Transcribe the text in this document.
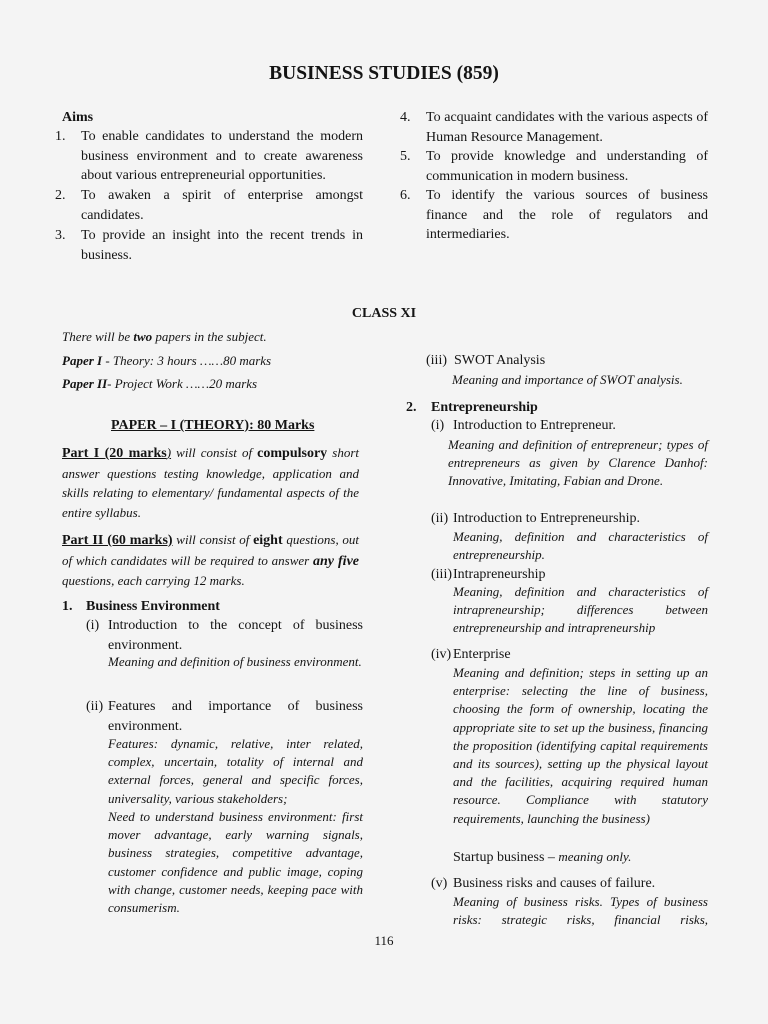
BUSINESS STUDIES (859)
Aims
1. To enable candidates to understand the modern business environment and to create awareness about various entrepreneurial opportunities.
2. To awaken a spirit of enterprise amongst candidates.
3. To provide an insight into the recent trends in business.
4. To acquaint candidates with the various aspects of Human Resource Management.
5. To provide knowledge and understanding of communication in modern business.
6. To identify the various sources of business finance and the role of regulators and intermediaries.
CLASS XI
There will be two papers in the subject.
Paper I - Theory: 3 hours ……80 marks
Paper II- Project Work ……20 marks
PAPER – I (THEORY): 80 Marks
Part I (20 marks) will consist of compulsory short answer questions testing knowledge, application and skills relating to elementary/ fundamental aspects of the entire syllabus.
Part II (60 marks) will consist of eight questions, out of which candidates will be required to answer any five questions, each carrying 12 marks.
1. Business Environment
(i) Introduction to the concept of business environment.
Meaning and definition of business environment.
(ii) Features and importance of business environment.
Features: dynamic, relative, inter related, complex, uncertain, totality of internal and external forces, general and specific forces, universality, various stakeholders;
Need to understand business environment: first mover advantage, early warning signals, business strategies, competitive advantage, customer confidence and public image, coping with change, customer needs, keeping pace with consumerism.
(iii) SWOT Analysis
Meaning and importance of SWOT analysis.
2. Entrepreneurship
(i) Introduction to Entrepreneur.
Meaning and definition of entrepreneur; types of entrepreneurs as given by Clarence Danhof: Innovative, Imitating, Fabian and Drone.
(ii) Introduction to Entrepreneurship.
Meaning, definition and characteristics of entrepreneurship.
(iii) Intrapreneurship
Meaning, definition and characteristics of intrapreneurship; differences between entrepreneurship and intrapreneurship
(iv) Enterprise
Meaning and definition; steps in setting up an enterprise: selecting the line of business, choosing the form of ownership, locating the appropriate site to set up the business, financing the proposition (identifying capital requirements and its sources), setting up the physical layout and the facilities, acquiring required human resource. Compliance with statutory requirements, launching the business)
Startup business – meaning only.
(v) Business risks and causes of failure.
Meaning of business risks. Types of business risks: strategic risks, financial risks,
116
